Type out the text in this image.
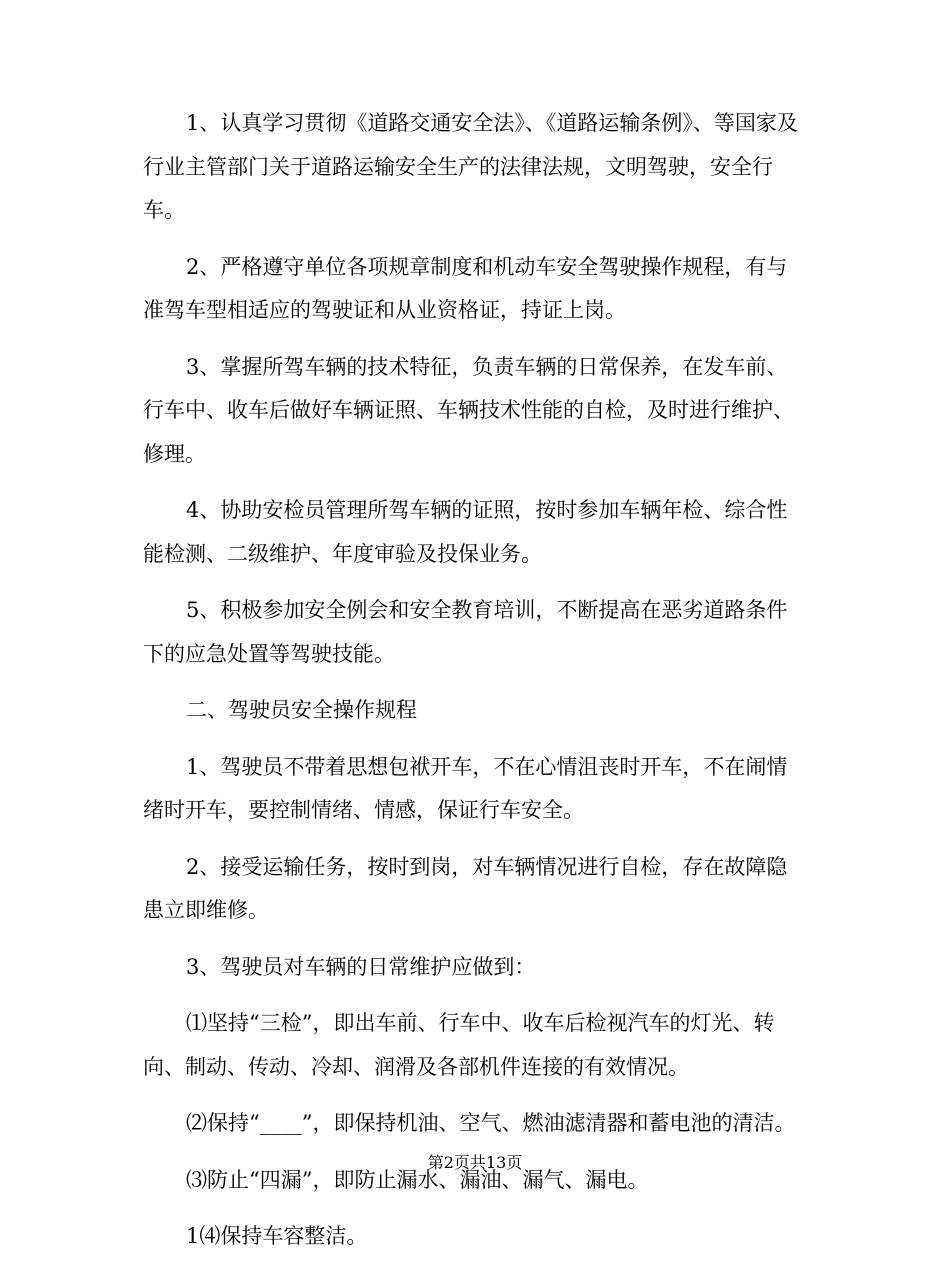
1、认真学习贯彻《道路交通安全法》、《道路运输条例》、等国家及行业主管部门关于道路运输安全生产的法律法规，文明驾驶，安全行车。

2、严格遵守单位各项规章制度和机动车安全驾驶操作规程，有与准驾车型相适应的驾驶证和从业资格证，持证上岗。

3、掌握所驾车辆的技术特征，负责车辆的日常保养，在发车前、行车中、收车后做好车辆证照、车辆技术性能的自检，及时进行维护、修理。

4、协助安检员管理所驾车辆的证照，按时参加车辆年检、综合性能检测、二级维护、年度审验及投保业务。

5、积极参加安全例会和安全教育培训，不断提高在恶劣道路条件下的应急处置等驾驶技能。

二、驾驶员安全操作规程

1、驾驶员不带着思想包袱开车，不在心情沮丧时开车，不在闹情绪时开车，要控制情绪、情感，保证行车安全。

2、接受运输任务，按时到岗，对车辆情况进行自检，存在故障隐患立即维修。

3、驾驶员对车辆的日常维护应做到：

⑴坚持“三检”，即出车前、行车中、收车后检视汽车的灯光、转向、制动、传动、冷却、润滑及各部机件连接的有效情况。

⑵保持“____”，即保持机油、空气、燃油滤清器和蓄电池的清洁。

⑶防止“四漏”，即防止漏水、漏油、漏气、漏电。

1⑷保持车容整洁。

第2页共13页
